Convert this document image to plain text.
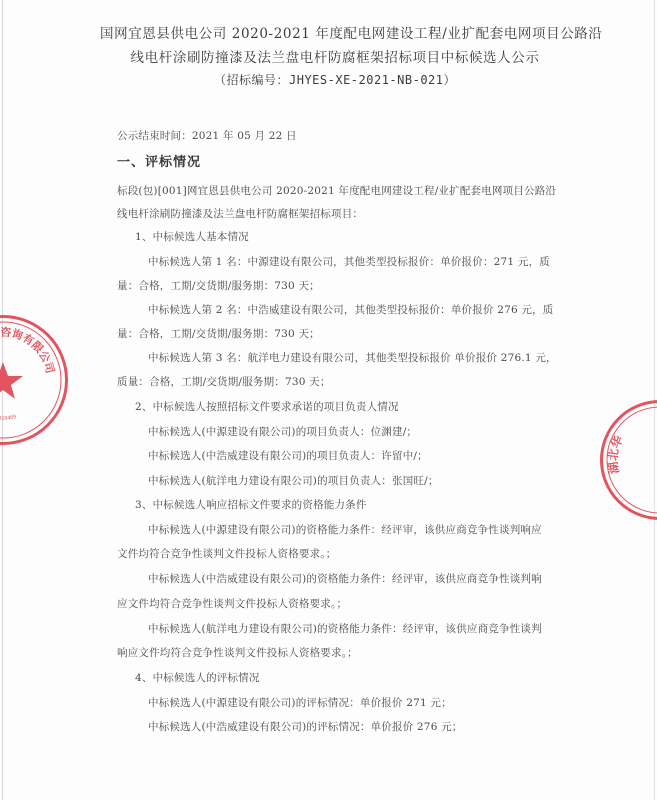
国网宜恩县供电公司 2020-2021 年度配电网建设工程/业扩配套电网项目公路沿
线电杆涂刷防撞漆及法兰盘电杆防腐框架招标项目中标候选人公示
（招标编号：JHYES-XE-2021-NB-021）
公示结束时间：2021 年 05 月 22 日
一、评标情况
标段(包)[001]网宜恩县供电公司 2020-2021 年度配电网建设工程/业扩配套电网项目公路沿
线电杆涂刷防撞漆及法兰盘电杆防腐框架招标项目：
1、中标候选人基本情况
中标候选人第 1 名：中源建设有限公司，其他类型投标报价：单价报价：271 元，质
量：合格，工期/交货期/服务期：730 天；
中标候选人第 2 名：中浩威建设有限公司，其他类型投标报价：单价报价 276 元，质
量：合格，工期/交货期/服务期：730 天；
中标候选人第 3 名：航洋电力建设有限公司，其他类型投标报价 单价报价 276.1 元，
质量：合格，工期/交货期/服务期：730 天；
2、中标候选人按照招标文件要求承诺的项目负责人情况
中标候选人(中源建设有限公司)的项目负责人：位渊建/；
中标候选人(中浩威建设有限公司)的项目负责人：许留中/；
中标候选人(航洋电力建设有限公司)的项目负责人：张国旺/；
3、中标候选人响应招标文件要求的资格能力条件
中标候选人(中源建设有限公司)的资格能力条件：经评审，该供应商竞争性谈判响应
文件均符合竞争性谈判文件投标人资格要求。；
中标候选人(中浩威建设有限公司)的资格能力条件：经评审，该供应商竞争性谈判响
应文件均符合竞争性谈判文件投标人资格要求。；
中标候选人(航洋电力建设有限公司)的资格能力条件：经评审，该供应商竞争性谈判
响应文件均符合竞争性谈判文件投标人资格要求。；
4、中标候选人的评标情况
中标候选人(中源建设有限公司)的评标情况：单价报价 271 元；
中标候选人(中浩威建设有限公司)的评标情况：单价报价 276 元；
咨询有限公司
19469
湖北华
